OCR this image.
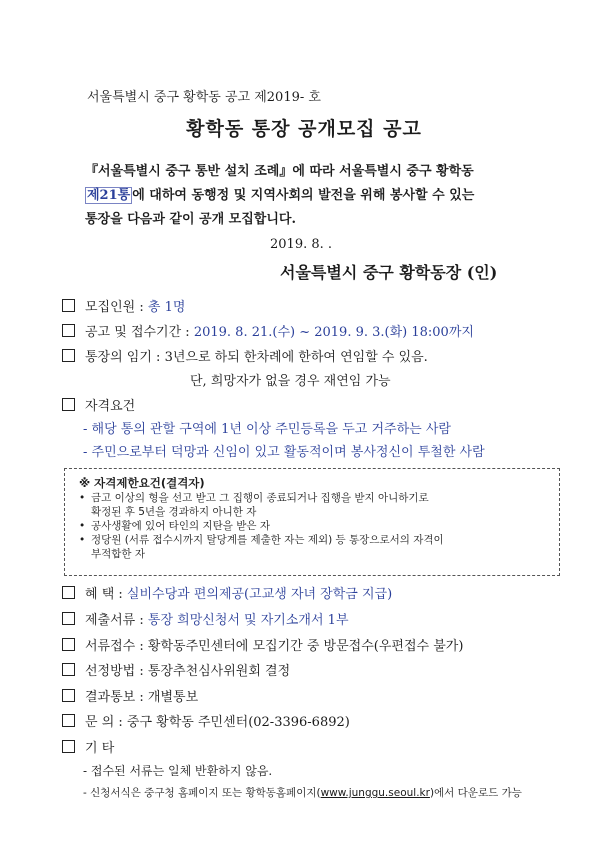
서울특별시 중구 황학동 공고 제2019- 호
황학동 통장 공개모집 공고
『서울특별시 중구 통반 설치 조례』에 따라 서울특별시 중구 황학동
제21통 에 대하여 동행정 및 지역사회의 발전을 위해 봉사할 수 있는
통장을 다음과 같이 공개 모집합니다.
2019. 8. .
서울특별시 중구 황학동장 (인)
모집인원 : 총 1명
공고 및 접수기간 : 2019. 8. 21.(수) ~ 2019. 9. 3.(화) 18:00까지
통장의 임기 : 3년으로 하되 한차례에 한하여 연임할 수 있음.
단, 희망자가 없을 경우 재연임 가능
자격요건
- 해당 통의 관할 구역에 1년 이상 주민등록을 두고 거주하는 사람
- 주민으로부터 덕망과 신임이 있고 활동적이며 봉사정신이 투철한 사람
※ 자격제한요건(결격자)
• 금고 이상의 형을 선고 받고 그 집행이 종료되거나 집행을 받지 아니하기로
확정된 후 5년을 경과하지 아니한 자
• 공사생활에 있어 타인의 지탄을 받은 자
• 정당원 (서류 접수시까지 탈당계를 제출한 자는 제외) 등 통장으로서의 자격이
부적합한 자
혜 택 : 실비수당과 편의제공(고교생 자녀 장학금 지급)
제출서류 : 통장 희망신청서 및 자기소개서 1부
서류접수 : 황학동주민센터에 모집기간 중 방문접수(우편접수 불가)
선정방법 : 통장추천심사위원회 결정
결과통보 : 개별통보
문 의 : 중구 황학동 주민센터(02-3396-6892)
기 타
- 접수된 서류는 일체 반환하지 않음.
- 신청서식은 중구청 홈페이지 또는 황학동홈페이지(www.junggu.seoul.kr)에서 다운로드 가능
